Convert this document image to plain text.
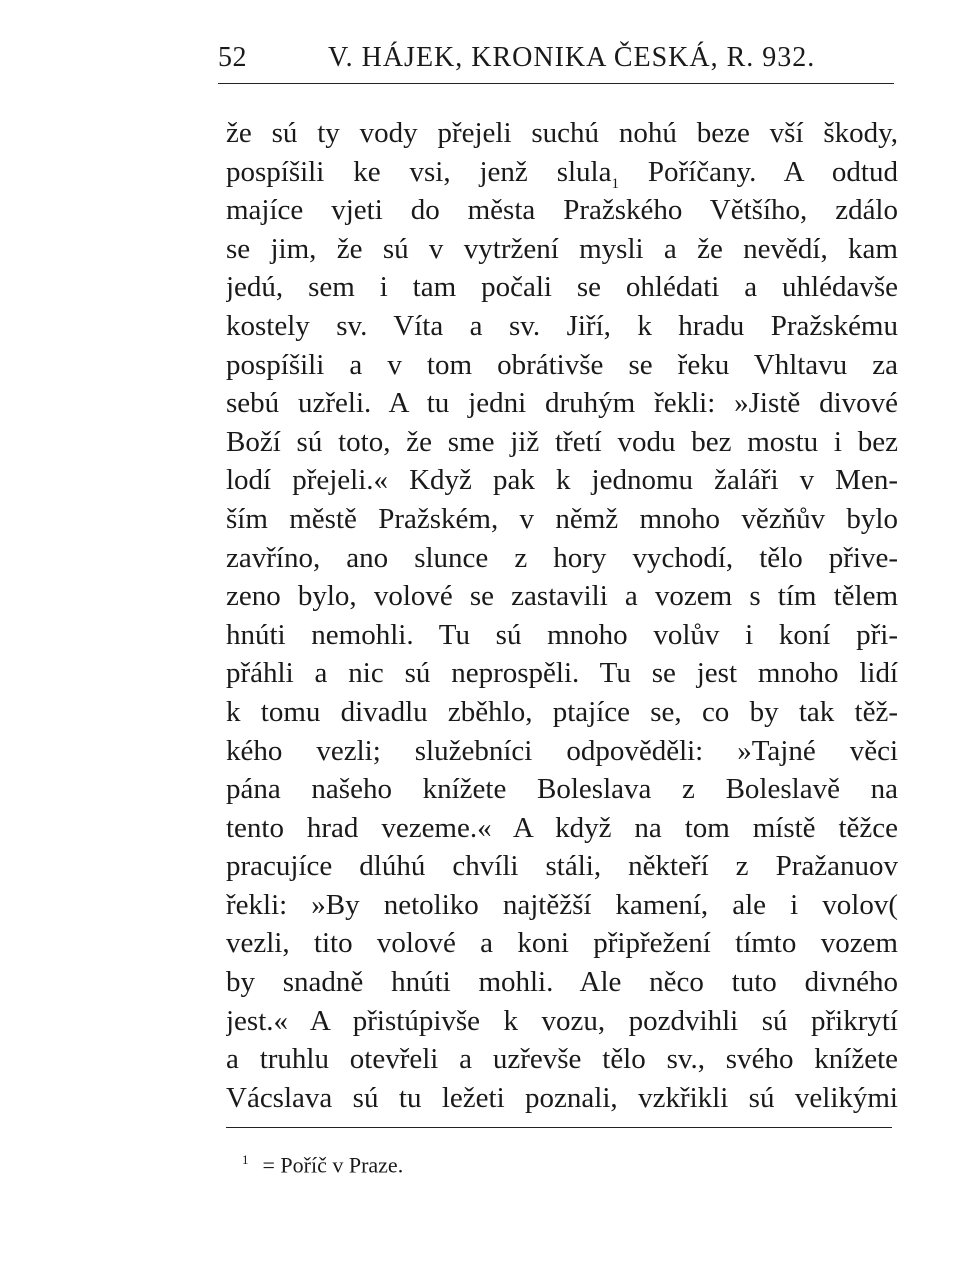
52	V. HÁJEK, KRONIKA ČESKÁ, R. 932.
že sú ty vody přejeli suchú nohú beze vší škody,
pospíšili ke vsi, jenž slula$_1$ Poříčany. A odtud
majíce vjeti do města Pražského Většího, zdálo
se jim, že sú v vytržení mysli a že nevědí, kam
jedú, sem i tam počali se ohlédati a uhlédavše
kostely sv. Víta a sv. Jiří, k hradu Pražskému
pospíšili a v tom obrátivše se řeku Vhltavu za
sebú uzřeli. A tu jedni druhým řekli: »Jistě divové
Boží sú toto, že sme již třetí vodu bez mostu i bez
lodí přejeli.« Když pak k jednomu žaláři v Men-
ším městě Pražském, v němž mnoho vězňův bylo
zavříno, ano slunce z hory vychodí, tělo přive-
zeno bylo, volové se zastavili a vozem s tím tělem
hnúti nemohli. Tu sú mnoho volův i koní při-
přáhli a nic sú neprospěli. Tu se jest mnoho lidí
k tomu divadlu zběhlo, ptajíce se, co by tak těž-
kého vezli; služebníci odpověděli: »Tajné věci
pána našeho knížete Boleslava z Boleslavě na
tento hrad vezeme.« A když na tom místě těžce
pracujíce dlúhú chvíli stáli, někteří z Pražanuov
řekli: »By netoliko najtěžší kamení, ale i volov(
vezli, tito volové a koni připřežení tímto vozem
by snadně hnúti mohli. Ale něco tuto divného
jest.« A přistúpivše k vozu, pozdvihli sú přikrytí
a truhlu otevřeli a uzřevše tělo sv., svého knížete
Vácslava sú tu ležeti poznali, vzkřikli sú velikými
$^1$ = Poříč v Praze.
